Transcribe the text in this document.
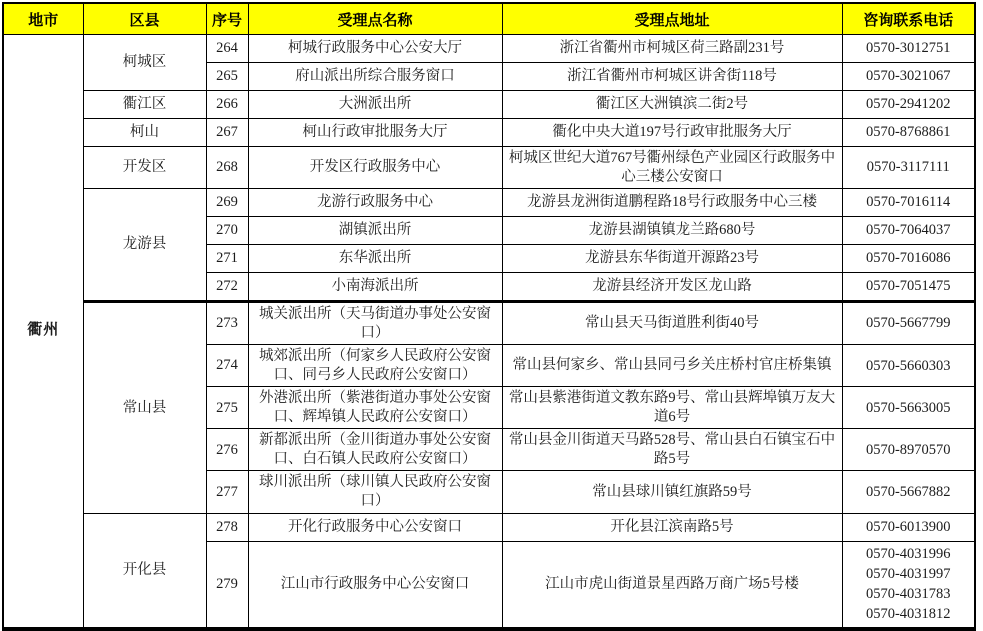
地市	区县	序号	受理点名称	受理点地址	咨询联系电话
衢州	柯城区	264	柯城行政服务中心公安大厅	浙江省衢州市柯城区荷三路副231号	0570-3012751

		265	府山派出所综合服务窗口	浙江省衢州市柯城区讲舍街118号	0570-3021067

	衢江区	266	大洲派出所	衢江区大洲镇滨二街2号	0570-2941202

	柯山	267	柯山行政审批服务大厅	衢化中央大道197号行政审批服务大厅	0570-8768861

	开发区	268	开发区行政服务中心	柯城区世纪大道767号衢州绿色产业园区行政服务中心三楼公安窗口	0570-3117111

	龙游县	269	龙游行政服务中心	龙游县龙洲街道鹏程路18号行政服务中心三楼	0570-7016114

		270	湖镇派出所	龙游县湖镇镇龙兰路680号	0570-7064037

		271	东华派出所	龙游县东华街道开源路23号	0570-7016086

		272	小南海派出所	龙游县经济开发区龙山路	0570-7051475

	常山县	273	城关派出所（天马街道办事处公安窗口）	常山县天马街道胜利街40号	0570-5667799

		274	城郊派出所（何家乡人民政府公安窗口、同弓乡人民政府公安窗口）	常山县何家乡、常山县同弓乡关庄桥村官庄桥集镇	0570-5660303

		275	外港派出所（紫港街道办事处公安窗口、辉埠镇人民政府公安窗口）	常山县紫港街道文教东路9号、常山县辉埠镇万友大道6号	0570-5663005

		276	新都派出所（金川街道办事处公安窗口、白石镇人民政府公安窗口）	常山县金川街道天马路528号、常山县白石镇宝石中路5号	0570-8970570

		277	球川派出所（球川镇人民政府公安窗口）	常山县球川镇红旗路59号	0570-5667882

	开化县	278	开化行政服务中心公安窗口	开化县江滨南路5号	0570-6013900

		279	江山市行政服务中心公安窗口	江山市虎山街道景星西路万商广场5号楼	0570-4031996
0570-4031997
0570-4031783
0570-4031812
